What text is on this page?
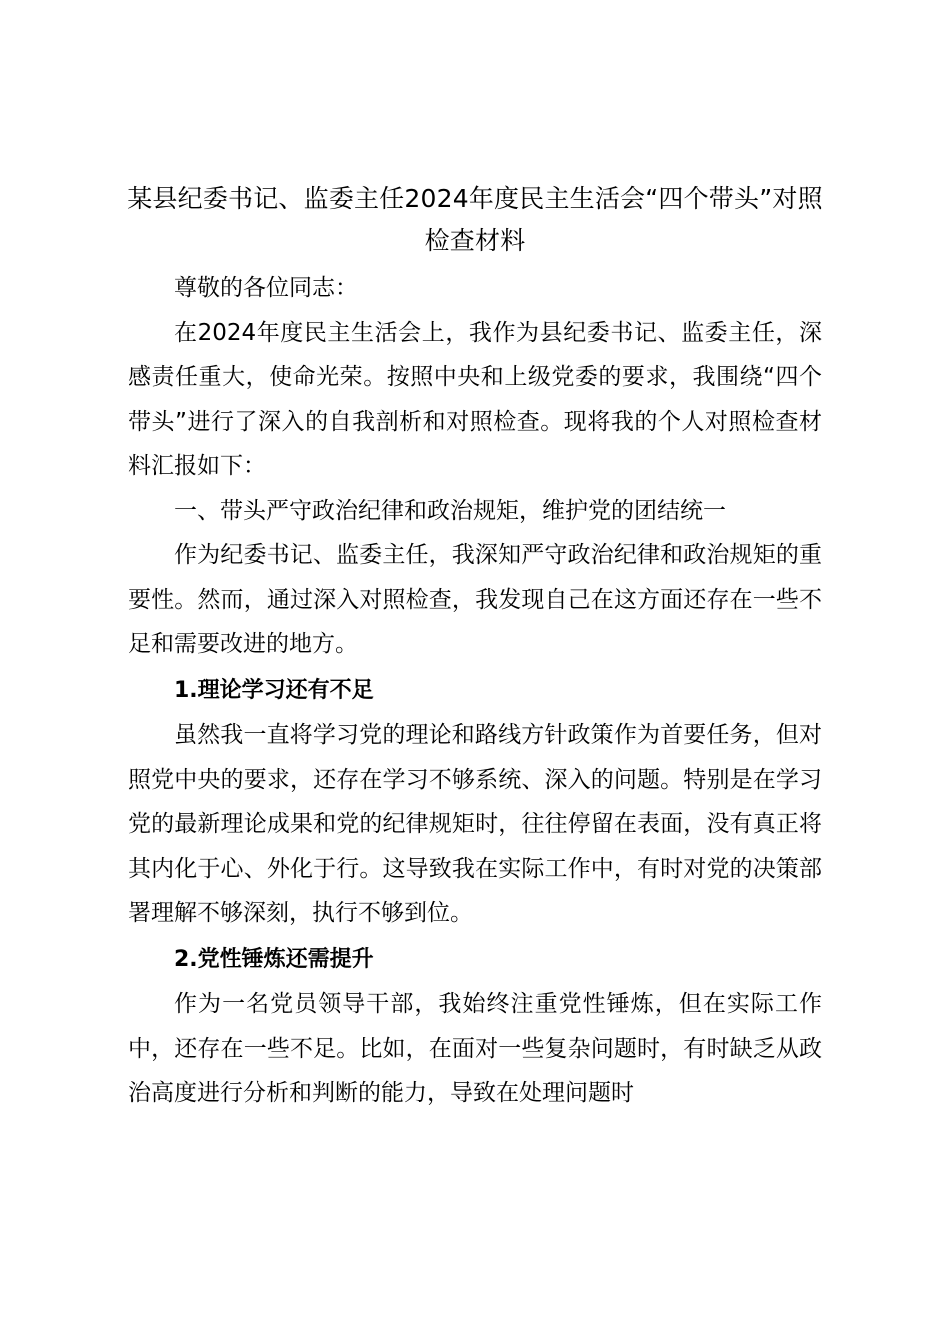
某县纪委书记、监委主任2024年度民主生活会“四个带头”对照检查材料

尊敬的各位同志：

在2024年度民主生活会上，我作为县纪委书记、监委主任，深感责任重大，使命光荣。按照中央和上级党委的要求，我围绕“四个带头”进行了深入的自我剖析和对照检查。现将我的个人对照检查材料汇报如下：

一、带头严守政治纪律和政治规矩，维护党的团结统一

作为纪委书记、监委主任，我深知严守政治纪律和政治规矩的重要性。然而，通过深入对照检查，我发现自己在这方面还存在一些不足和需要改进的地方。

1.理论学习还有不足

虽然我一直将学习党的理论和路线方针政策作为首要任务，但对照党中央的要求，还存在学习不够系统、深入的问题。特别是在学习党的最新理论成果和党的纪律规矩时，往往停留在表面，没有真正将其内化于心、外化于行。这导致我在实际工作中，有时对党的决策部署理解不够深刻，执行不够到位。

2.党性锤炼还需提升

作为一名党员领导干部，我始终注重党性锤炼，但在实际工作中，还存在一些不足。比如，在面对一些复杂问题时，有时缺乏从政治高度进行分析和判断的能力，导致在处理问题时
